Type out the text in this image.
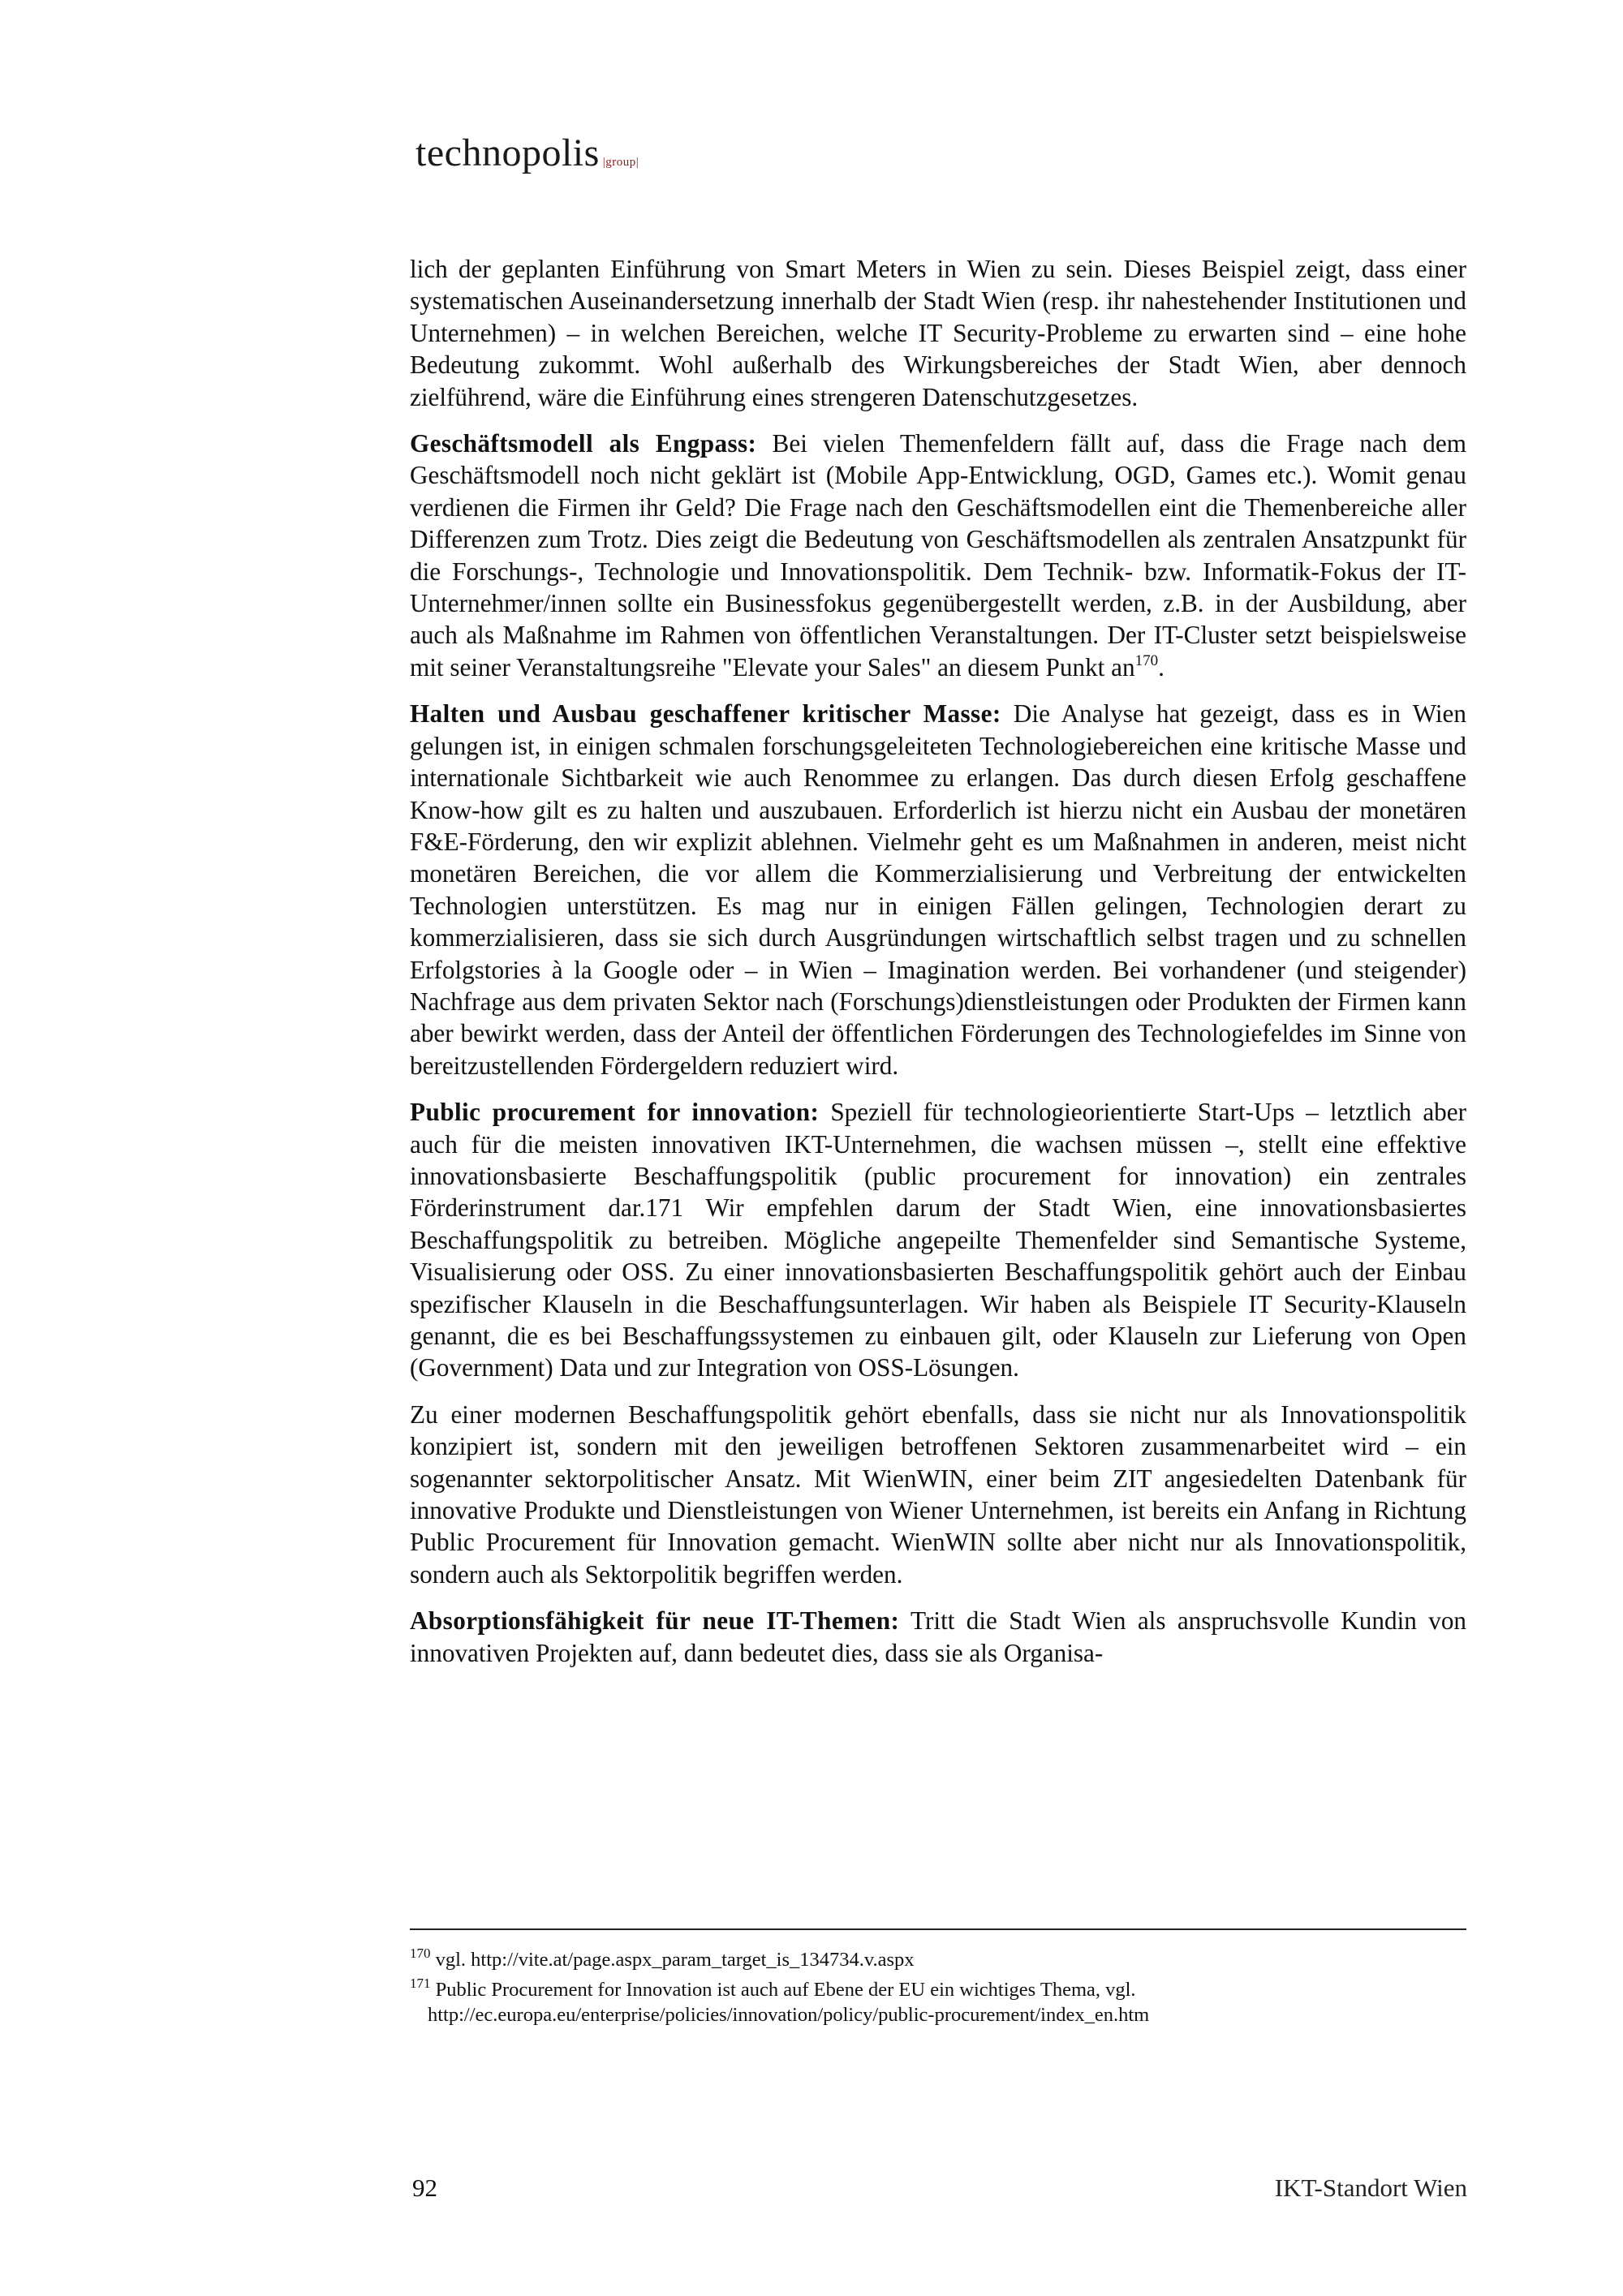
technopolis |group|

lich der geplanten Einführung von Smart Meters in Wien zu sein. Dieses Beispiel zeigt, dass einer systematischen Auseinandersetzung innerhalb der Stadt Wien (resp. ihr nahestehender Institutionen und Unternehmen) – in welchen Bereichen, welche IT Security-Probleme zu erwarten sind – eine hohe Bedeutung zukommt. Wohl außerhalb des Wirkungsbereiches der Stadt Wien, aber dennoch zielführend, wäre die Einführung eines strengeren Datenschutzgesetzes.

Geschäftsmodell als Engpass: Bei vielen Themenfeldern fällt auf, dass die Frage nach dem Geschäftsmodell noch nicht geklärt ist (Mobile App-Entwicklung, OGD, Games etc.). Womit genau verdienen die Firmen ihr Geld? Die Frage nach den Geschäftsmodellen eint die Themenbereiche aller Differenzen zum Trotz. Dies zeigt die Bedeutung von Geschäftsmodellen als zentralen Ansatzpunkt für die Forschungs-, Technologie und Innovationspolitik. Dem Technik- bzw. Informatik-Fokus der IT-Unternehmer/innen sollte ein Businessfokus gegenübergestellt werden, z.B. in der Ausbildung, aber auch als Maßnahme im Rahmen von öffentlichen Veranstaltungen. Der IT-Cluster setzt beispielsweise mit seiner Veranstaltungsreihe "Elevate your Sales" an diesem Punkt $an^{170}$.

Halten und Ausbau geschaffener kritischer Masse: Die Analyse hat gezeigt, dass es in Wien gelungen ist, in einigen schmalen forschungsgeleiteten Technologiebereichen eine kritische Masse und internationale Sichtbarkeit wie auch Renommee zu erlangen. Das durch diesen Erfolg geschaffene Know-how gilt es zu halten und auszubauen. Erforderlich ist hierzu nicht ein Ausbau der monetären F&E-Förderung, den wir explizit ablehnen. Vielmehr geht es um Maßnahmen in anderen, meist nicht monetären Bereichen, die vor allem die Kommerzialisierung und Verbreitung der entwickelten Technologien unterstützen. Es mag nur in einigen Fällen gelingen, Technologien derart zu kommerzialisieren, dass sie sich durch Ausgründungen wirtschaftlich selbst tragen und zu schnellen Erfolgstories à la Google oder – in Wien – Imagination werden. Bei vorhandener (und steigender) Nachfrage aus dem privaten Sektor nach (Forschungs)dienstleistungen oder Produkten der Firmen kann aber bewirkt werden, dass der Anteil der öffentlichen Förderungen des Technologiefeldes im Sinne von bereitzustellenden Fördergeldern reduziert wird.

Public procurement for innovation: Speziell für technologieorientierte Start-Ups – letztlich aber auch für die meisten innovativen IKT-Unternehmen, die wachsen müssen –, stellt eine effektive innovationsbasierte Beschaffungspolitik (public procurement for innovation) ein zentrales Förderinstrument dar.171 Wir empfehlen darum der Stadt Wien, eine innovationsbasiertes Beschaffungspolitik zu betreiben. Mögliche angepeilte Themenfelder sind Semantische Systeme, Visualisierung oder OSS. Zu einer innovationsbasierten Beschaffungspolitik gehört auch der Einbau spezifischer Klauseln in die Beschaffungsunterlagen. Wir haben als Beispiele IT Security-Klauseln genannt, die es bei Beschaffungssystemen zu einbauen gilt, oder Klauseln zur Lieferung von Open (Government) Data und zur Integration von OSS-Lösungen.

Zu einer modernen Beschaffungspolitik gehört ebenfalls, dass sie nicht nur als Innovationspolitik konzipiert ist, sondern mit den jeweiligen betroffenen Sektoren zusammenarbeitet wird – ein sogenannter sektorpolitischer Ansatz. Mit WienWIN, einer beim ZIT angesiedelten Datenbank für innovative Produkte und Dienstleistungen von Wiener Unternehmen, ist bereits ein Anfang in Richtung Public Procurement für Innovation gemacht. WienWIN sollte aber nicht nur als Innovationspolitik, sondern auch als Sektorpolitik begriffen werden.

Absorptionsfähigkeit für neue IT-Themen: Tritt die Stadt Wien als anspruchsvolle Kundin von innovativen Projekten auf, dann bedeutet dies, dass sie als Organisa-

$^{170}$ vgl. http://vite.at/page.aspx_param_target_is_134734.v.aspx
$^{171}$ Public Procurement for Innovation ist auch auf Ebene der EU ein wichtiges Thema, vgl. http://ec.europa.eu/enterprise/policies/innovation/policy/public-procurement/index_en.htm
92	IKT-Standort Wien
